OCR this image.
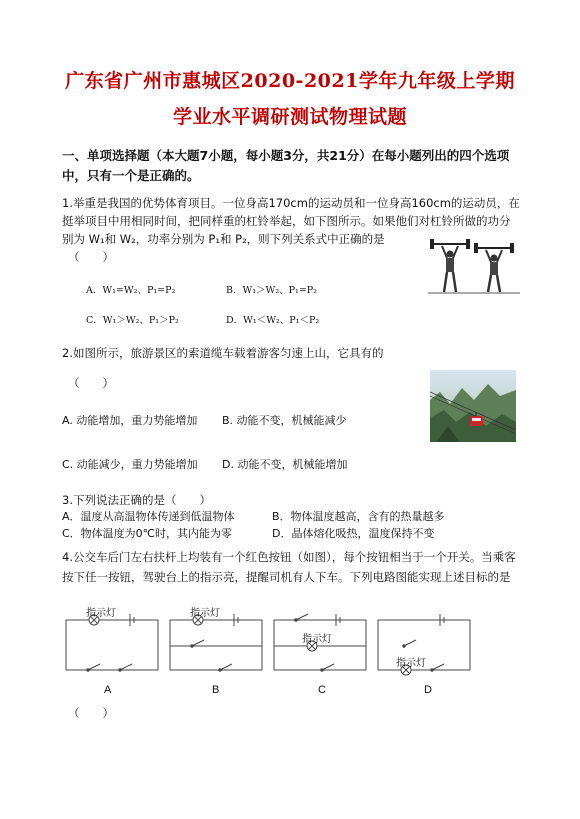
广东省广州市惠城区2020-2021学年九年级上学期
学业水平调研测试物理试题
一、单项选择题（本大题7小题，每小题3分，共21分）在每小题列出的四个选项中，只有一个是正确的。
1.举重是我国的优势体育项目。一位身高170cm的运动员和一位身高160cm的运动员，在
挺举项目中用相同时间，把同样重的杠铃举起，如下图所示。如果他们对杠铃所做的功分
别为 W₁和 W₂，功率分别为 P₁和 P₂，则下列关系式中正确的是
（　　）
A．W₁=W₂、P₁=P₂	B．W₁＞W₂、P₁=P₂
C．W₁＞W₂、P₁＞P₂	D．W₁＜W₂、P₁＜P₂
2.如图所示，旅游景区的索道缆车载着游客匀速上山，它具有的
（　　）
A. 动能增加，重力势能增加 B. 动能不变，机械能减少
C. 动能减少，重力势能增加 D. 动能不变，机械能增加
3.下列说法正确的是（　　）
A．温度从高温物体传递到低温物体	B．物体温度越高，含有的热量越多
C．物体温度为0℃时，其内能为零	D．晶体熔化吸热，温度保持不变
4.公交车后门左右扶杆上均装有一个红色按钮（如图），每个按钮相当于一个开关。当乘客
按下任一按钮，驾驶台上的指示亮，提醒司机有人下车。下列电路图能实现上述目标的是
指示灯	指示灯
指示灯
指示灯
A	B	C	D
（　　）
